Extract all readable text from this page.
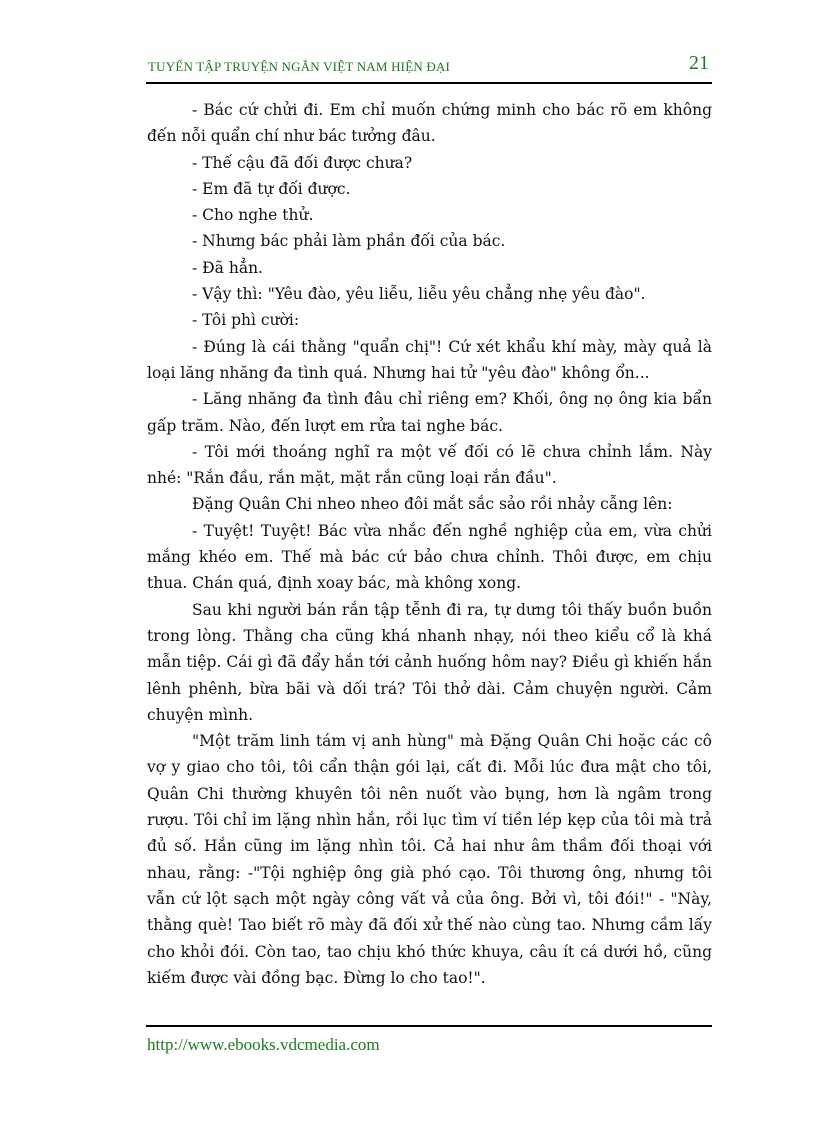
TUYỂN TẬP TRUYỆN NGẮN VIỆT NAM HIỆN ĐẠI	21

- Bác cứ chửi đi. Em chỉ muốn chứng minh cho bác rõ em không đến nỗi quẩn chí như bác tưởng đâu.

- Thế cậu đã đối được chưa?

- Em đã tự đối được.

- Cho nghe thử.

- Nhưng bác phải làm phần đối của bác.

- Đã hẳn.

- Vậy thì: "Yêu đào, yêu liễu, liễu yêu chẳng nhẹ yêu đào".

- Tôi phì cười:

- Đúng là cái thằng "quẩn chị"! Cứ xét khẩu khí mày, mày quả là loại lăng nhăng đa tình quá. Nhưng hai tử "yêu đào" không ổn...

- Lăng nhăng đa tình đâu chỉ riêng em? Khối, ông nọ ông kia bẩn gấp trăm. Nào, đến lượt em rửa tai nghe bác.

- Tôi mới thoáng nghĩ ra một vế đối có lẽ chưa chỉnh lắm. Này nhé: "Rắn đầu, rắn mặt, mặt rắn cũng loại rắn đầu".

Đặng Quân Chi nheo nheo đôi mắt sắc sảo rồi nhảy cẫng lên:

- Tuyệt! Tuyệt! Bác vừa nhắc đến nghề nghiệp của em, vừa chửi mắng khéo em. Thế mà bác cứ bảo chưa chỉnh. Thôi được, em chịu thua. Chán quá, định xoay bác, mà không xong.

Sau khi người bán rắn tập tễnh đi ra, tự dưng tôi thấy buồn buồn trong lòng. Thằng cha cũng khá nhanh nhạy, nói theo kiểu cổ là khá mẫn tiệp. Cái gì đã đẩy hắn tới cảnh huống hôm nay? Điều gì khiến hắn lênh phênh, bừa bãi và dối trá? Tôi thở dài. Cảm chuyện người. Cảm chuyện mình.

"Một trăm linh tám vị anh hùng" mà Đặng Quân Chi hoặc các cô vợ y giao cho tôi, tôi cẩn thận gói lại, cất đi. Mỗi lúc đưa mật cho tôi, Quân Chi thường khuyên tôi nên nuốt vào bụng, hơn là ngâm trong rượu. Tôi chỉ im lặng nhìn hắn, rồi lục tìm ví tiền lép kẹp của tôi mà trả đủ số. Hắn cũng im lặng nhìn tôi. Cả hai như âm thầm đối thoại với nhau, rằng: -"Tội nghiệp ông già phó cạo. Tôi thương ông, nhưng tôi vẫn cứ lột sạch một ngày công vất vả của ông. Bởi vì, tôi đói!" - "Này, thằng què! Tao biết rõ mày đã đối xử thế nào cùng tao. Nhưng cầm lấy cho khỏi đói. Còn tao, tao chịu khó thức khuya, câu ít cá dưới hồ, cũng kiếm được vài đồng bạc. Đừng lo cho tao!".

http://www.ebooks.vdcmedia.com
